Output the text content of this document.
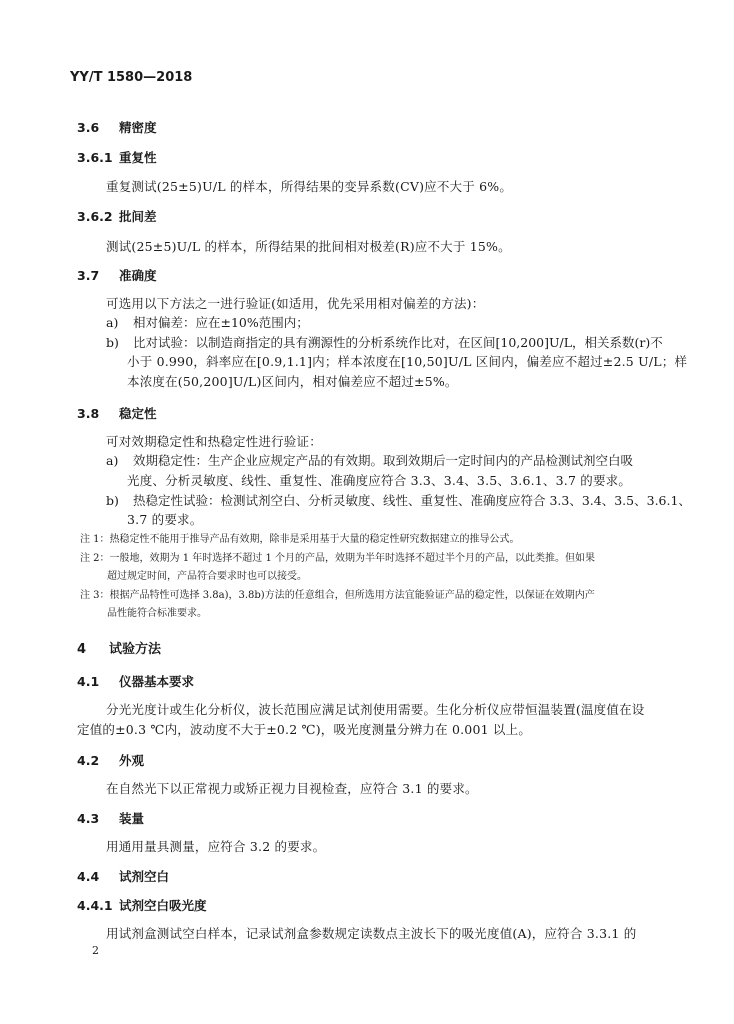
YY/T 1580—2018
3.6 精密度
3.6.1 重复性
重复测试(25±5)U/L 的样本，所得结果的变异系数(CV)应不大于 6%。
3.6.2 批间差
测试(25±5)U/L 的样本，所得结果的批间相对极差(R)应不大于 15%。
3.7 准确度
可选用以下方法之一进行验证(如适用，优先采用相对偏差的方法)：
a) 相对偏差：应在±10%范围内；
b) 比对试验：以制造商指定的具有溯源性的分析系统作比对，在区间[10,200]U/L，相关系数(r)不
小于 0.990，斜率应在[0.9,1.1]内；样本浓度在[10,50]U/L 区间内，偏差应不超过±2.5 U/L；样
本浓度在(50,200]U/L)区间内，相对偏差应不超过±5%。
3.8 稳定性
可对效期稳定性和热稳定性进行验证：
a) 效期稳定性：生产企业应规定产品的有效期。取到效期后一定时间内的产品检测试剂空白吸
光度、分析灵敏度、线性、重复性、准确度应符合 3.3、3.4、3.5、3.6.1、3.7 的要求。
b) 热稳定性试验：检测试剂空白、分析灵敏度、线性、重复性、准确度应符合 3.3、3.4、3.5、3.6.1、
3.7 的要求。
注 1：热稳定性不能用于推导产品有效期，除非是采用基于大量的稳定性研究数据建立的推导公式。
注 2：一般地，效期为 1 年时选择不超过 1 个月的产品，效期为半年时选择不超过半个月的产品，以此类推。但如果
超过规定时间，产品符合要求时也可以接受。
注 3：根据产品特性可选择 3.8a)，3.8b)方法的任意组合，但所选用方法宜能验证产品的稳定性，以保证在效期内产
品性能符合标准要求。
4 试验方法
4.1 仪器基本要求
分光光度计或生化分析仪，波长范围应满足试剂使用需要。生化分析仪应带恒温装置(温度值在设
定值的±0.3 ℃内，波动度不大于±0.2 ℃)，吸光度测量分辨力在 0.001 以上。
4.2 外观
在自然光下以正常视力或矫正视力目视检查，应符合 3.1 的要求。
4.3 装量
用通用量具测量，应符合 3.2 的要求。
4.4 试剂空白
4.4.1 试剂空白吸光度
用试剂盒测试空白样本，记录试剂盒参数规定读数点主波长下的吸光度值(A)，应符合 3.3.1 的
2
